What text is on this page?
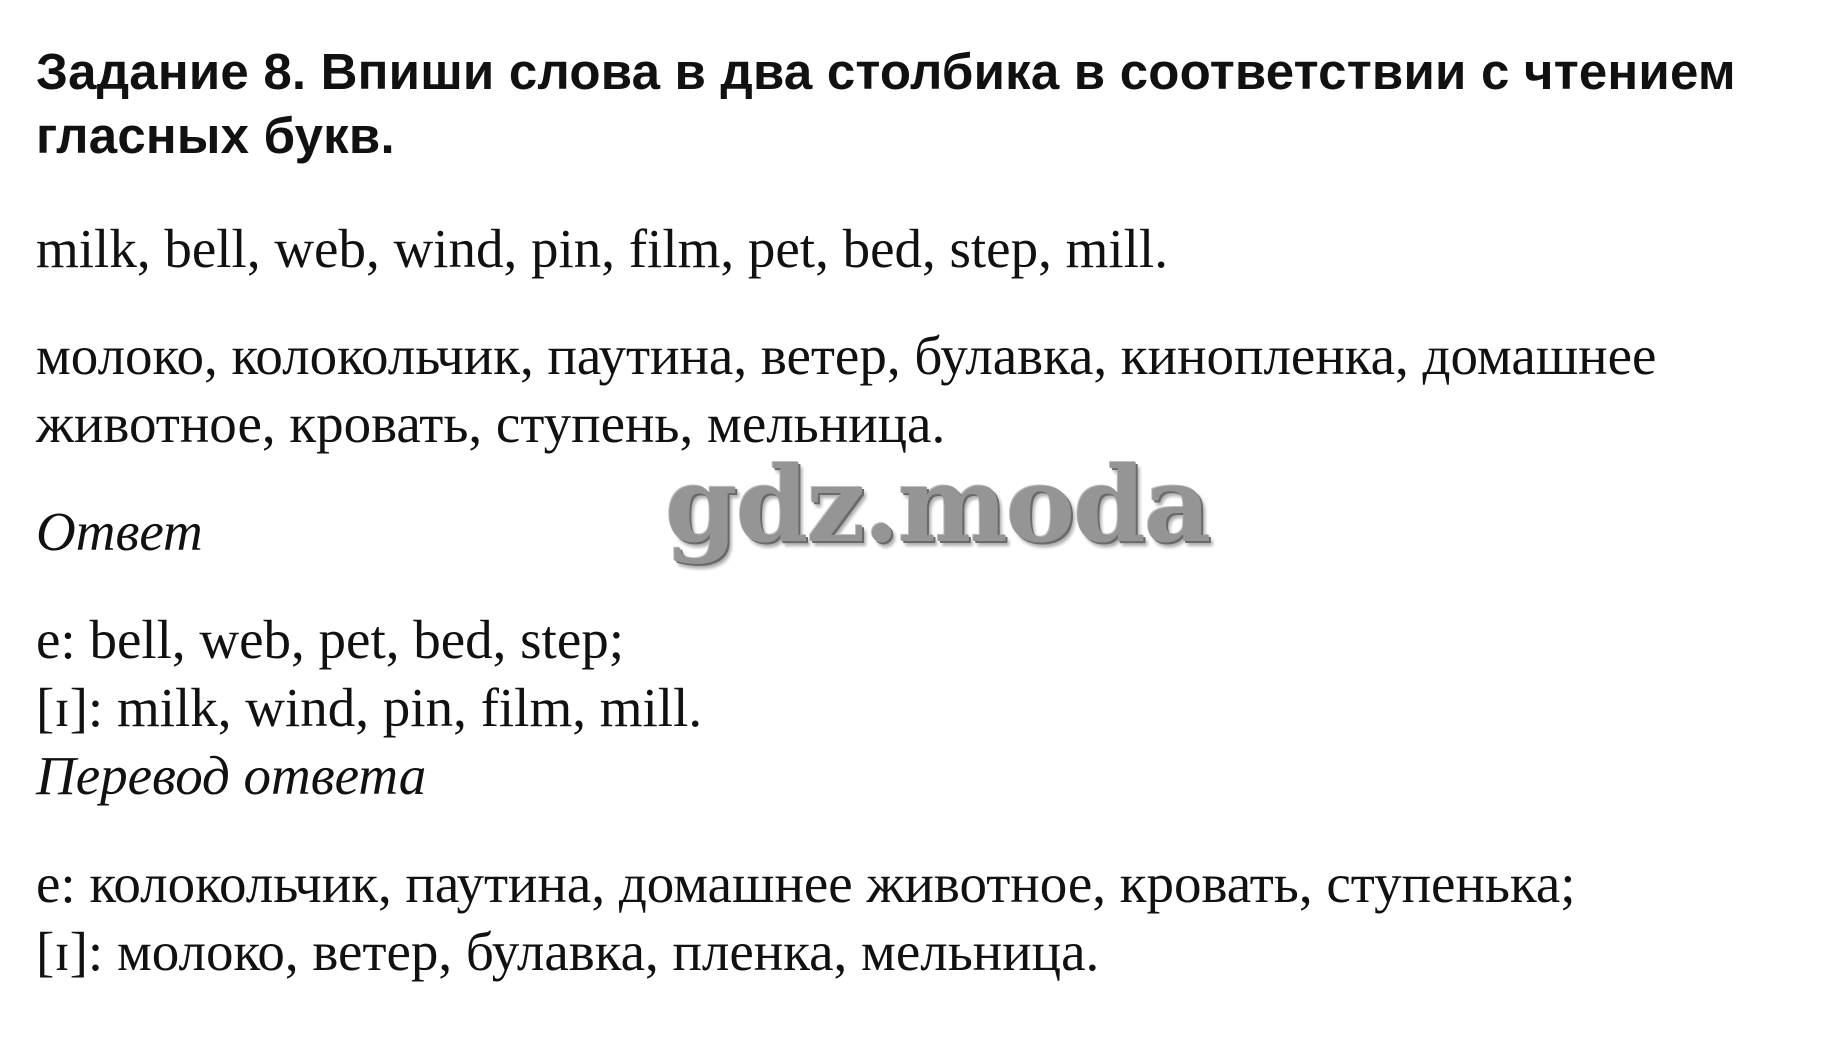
Задание 8. Впиши слова в два столбика в соответствии с чтением гласных букв.
milk, bell, web, wind, pin, film, pet, bed, step, mill.
молоко, колокольчик, паутина, ветер, булавка, кинопленка, домашнее животное, кровать, ступень, мельница.
Ответ	gdz.moda
e: bell, web, pet, bed, step;
[ɪ]: milk, wind, pin, film, mill.
Перевод ответа
e: колокольчик, паутина, домашнее животное, кровать, ступенька;
[ɪ]: молоко, ветер, булавка, пленка, мельница.
